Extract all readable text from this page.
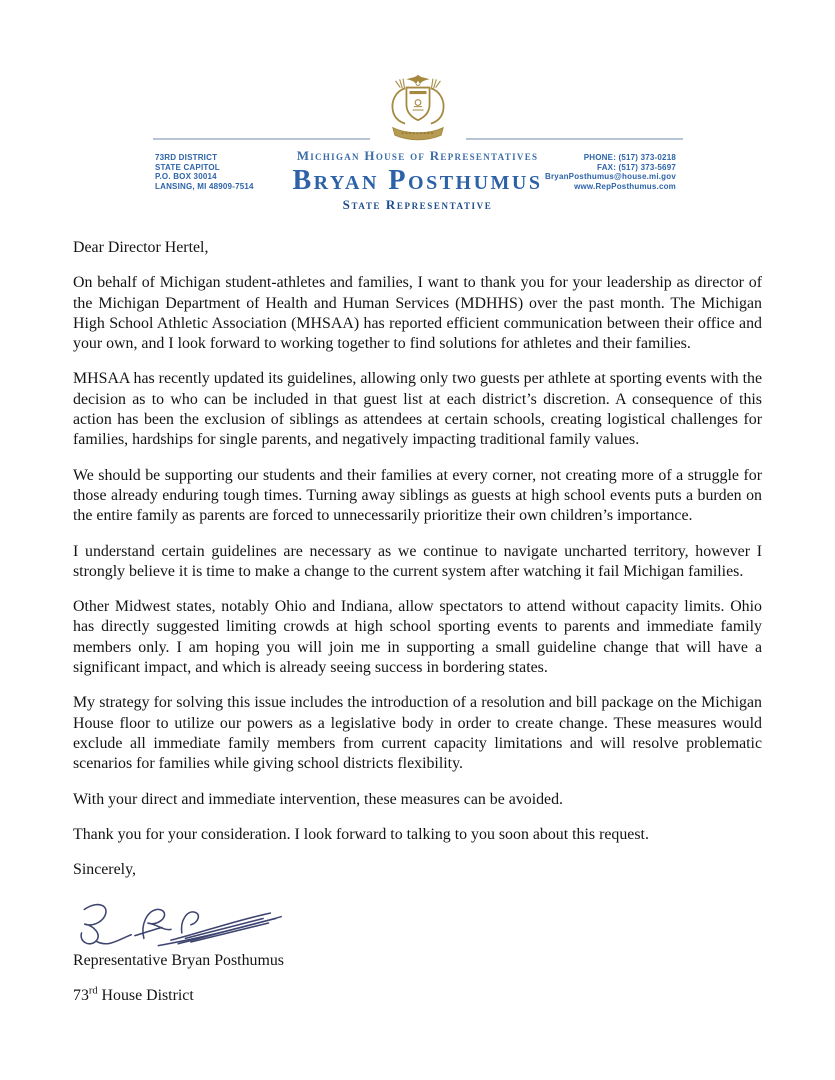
73RD DISTRICT
STATE CAPITOL
P.O. BOX 30014
LANSING, MI 48909-7514
Michigan House of Representatives
Bryan Posthumus
State Representative
PHONE: (517) 373-0218
FAX: (517) 373-5697
BryanPosthumus@house.mi.gov
www.RepPosthumus.com

Dear Director Hertel,

On behalf of Michigan student-athletes and families, I want to thank you for your leadership as director of the Michigan Department of Health and Human Services (MDHHS) over the past month. The Michigan High School Athletic Association (MHSAA) has reported efficient communication between their office and your own, and I look forward to working together to find solutions for athletes and their families.

MHSAA has recently updated its guidelines, allowing only two guests per athlete at sporting events with the decision as to who can be included in that guest list at each district’s discretion. A consequence of this action has been the exclusion of siblings as attendees at certain schools, creating logistical challenges for families, hardships for single parents, and negatively impacting traditional family values.

We should be supporting our students and their families at every corner, not creating more of a struggle for those already enduring tough times. Turning away siblings as guests at high school events puts a burden on the entire family as parents are forced to unnecessarily prioritize their own children’s importance.

I understand certain guidelines are necessary as we continue to navigate uncharted territory, however I strongly believe it is time to make a change to the current system after watching it fail Michigan families.

Other Midwest states, notably Ohio and Indiana, allow spectators to attend without capacity limits. Ohio has directly suggested limiting crowds at high school sporting events to parents and immediate family members only. I am hoping you will join me in supporting a small guideline change that will have a significant impact, and which is already seeing success in bordering states.

My strategy for solving this issue includes the introduction of a resolution and bill package on the Michigan House floor to utilize our powers as a legislative body in order to create change. These measures would exclude all immediate family members from current capacity limitations and will resolve problematic scenarios for families while giving school districts flexibility.

With your direct and immediate intervention, these measures can be avoided.

Thank you for your consideration. I look forward to talking to you soon about this request.

Sincerely,

Representative Bryan Posthumus

73rd House District
